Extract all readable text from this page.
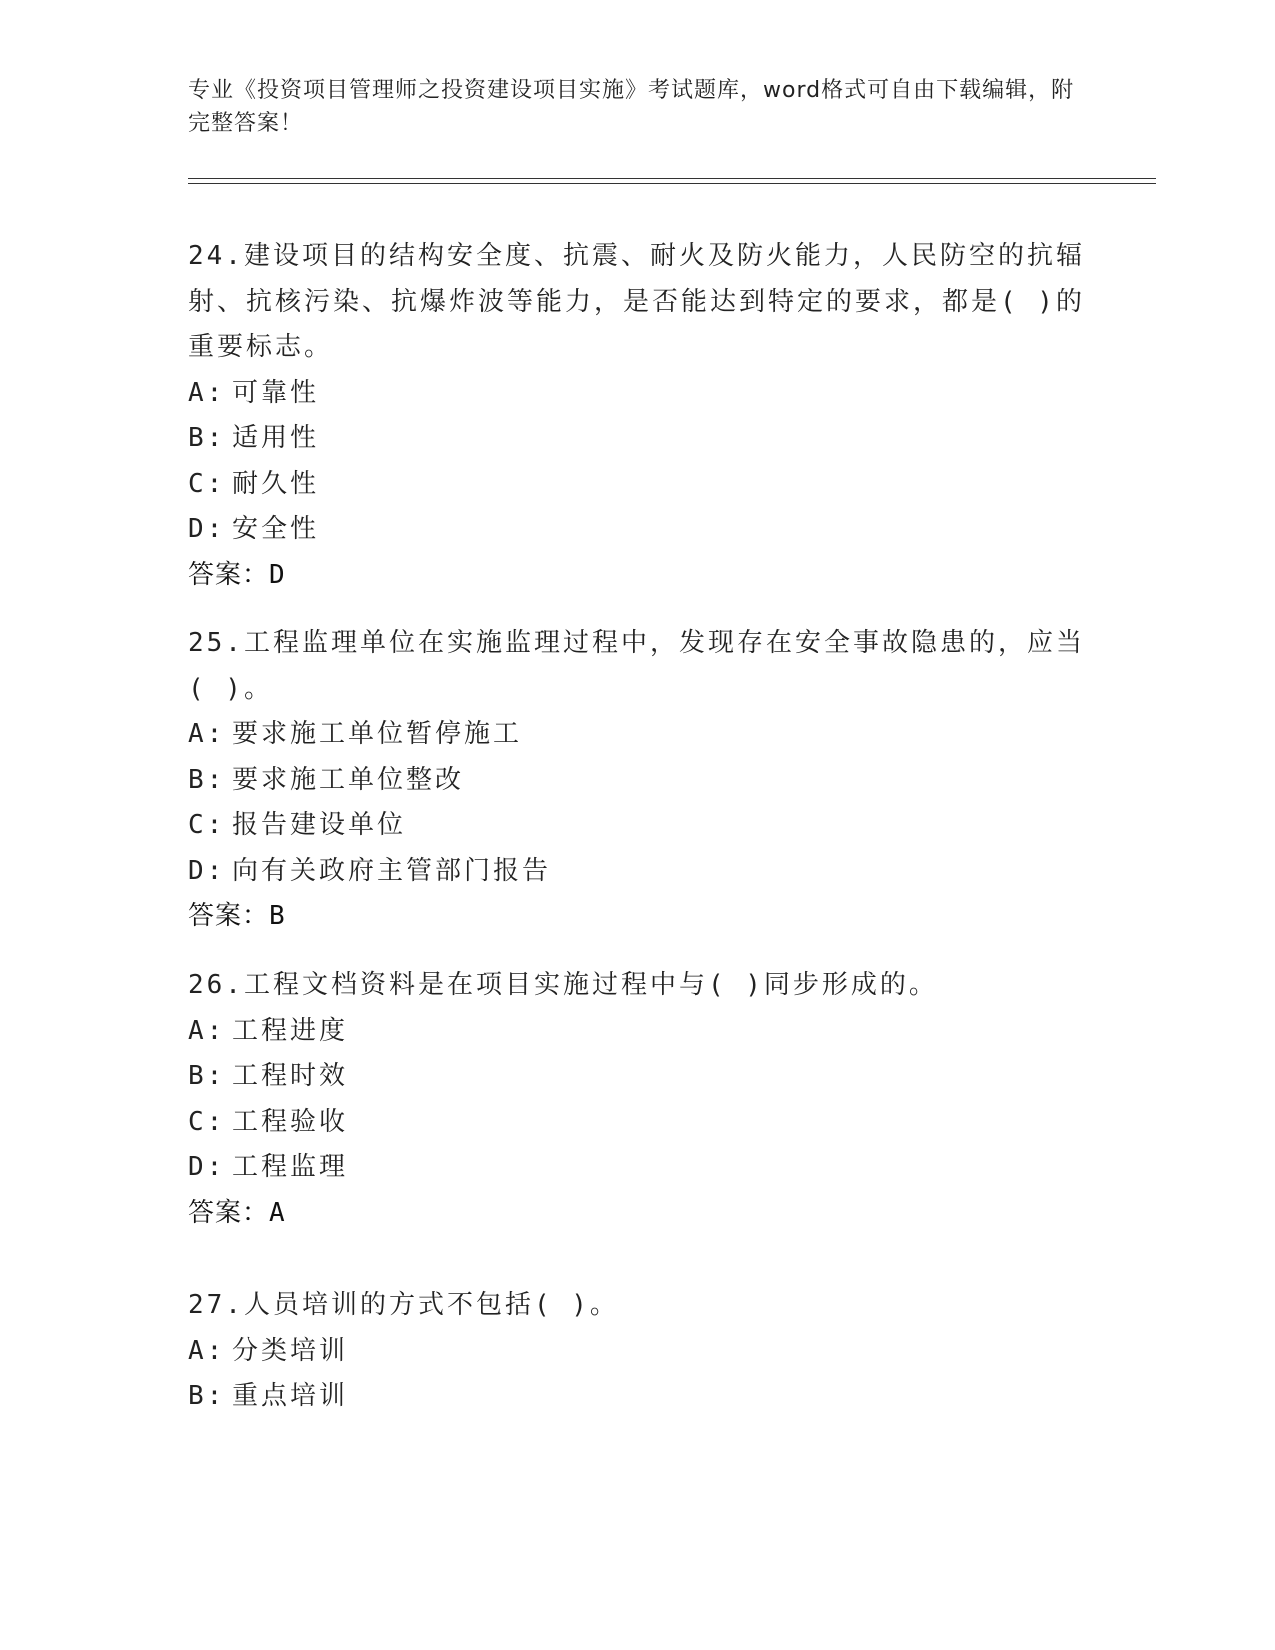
专业《投资项目管理师之投资建设项目实施》考试题库，word格式可自由下载编辑，附完整答案！
24.建设项目的结构安全度、抗震、耐火及防火能力，人民防空的抗辐射、抗核污染、抗爆炸波等能力，是否能达到特定的要求，都是( )的重要标志。
A: 可靠性
B: 适用性
C: 耐久性
D: 安全性
答案：D
25.工程监理单位在实施监理过程中，发现存在安全事故隐患的，应当( )。
A: 要求施工单位暂停施工
B: 要求施工单位整改
C: 报告建设单位
D: 向有关政府主管部门报告
答案：B
26.工程文档资料是在项目实施过程中与( )同步形成的。
A: 工程进度
B: 工程时效
C: 工程验收
D: 工程监理
答案：A
27.人员培训的方式不包括( )。
A: 分类培训
B: 重点培训
